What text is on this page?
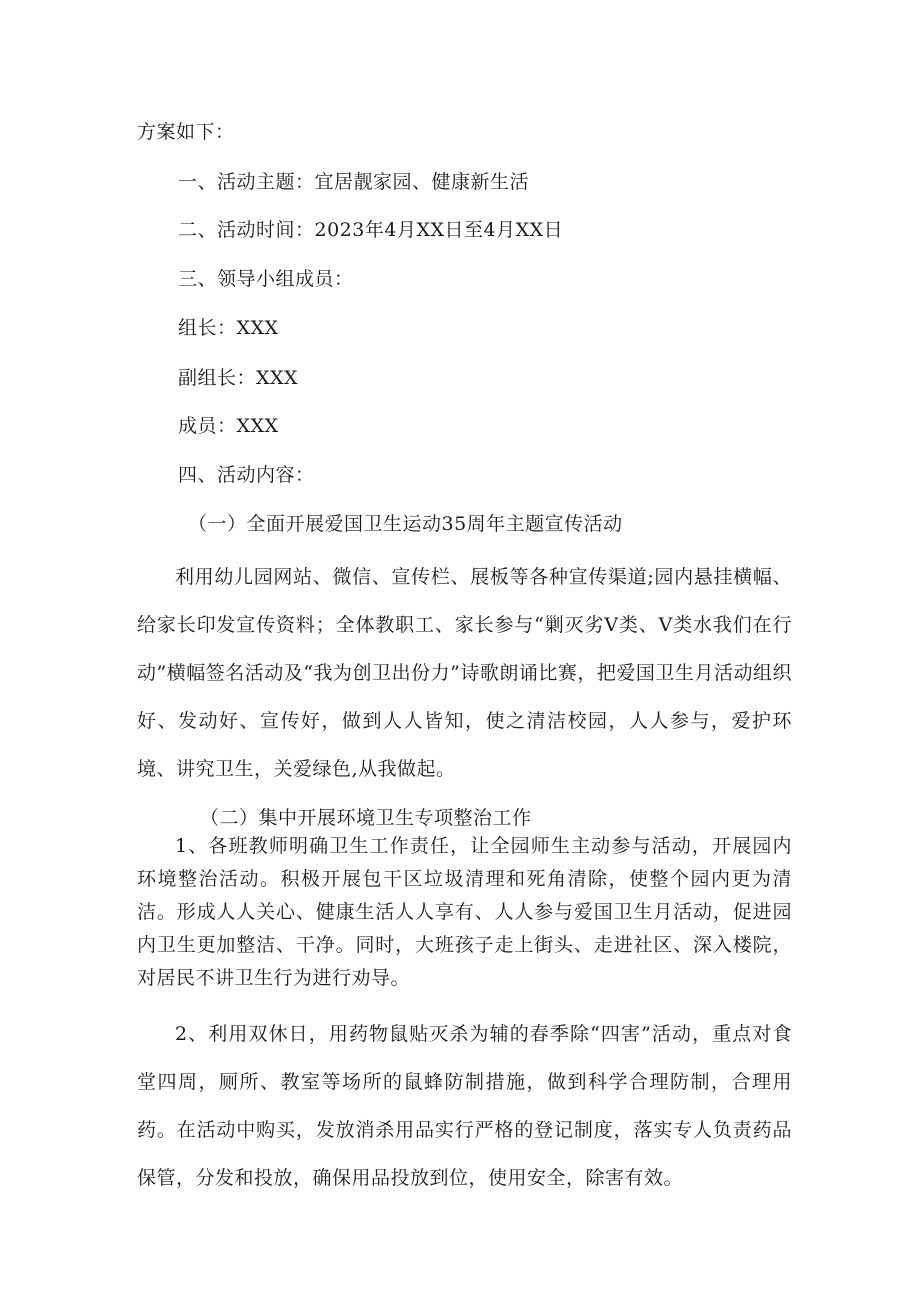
方案如下：
一、活动主题：宜居靓家园、健康新生活
二、活动时间：2023年4月XX日至4月XX日
三、领导小组成员：
组长：XXX
副组长：XXX
成员：XXX
四、活动内容：
（一）全面开展爱国卫生运动35周年主题宣传活动

利用幼儿园网站、微信、宣传栏、展板等各种宣传渠道;园内悬挂横幅、给家长印发宣传资料；全体教职工、家长参与“剿灭劣V类、V类水我们在行动”横幅签名活动及“我为创卫出份力”诗歌朗诵比赛，把爱国卫生月活动组织好、发动好、宣传好，做到人人皆知，使之清洁校园，人人参与，爱护环境、讲究卫生，关爱绿色,从我做起。

（二）集中开展环境卫生专项整治工作

1、各班教师明确卫生工作责任，让全园师生主动参与活动，开展园内环境整治活动。积极开展包干区垃圾清理和死角清除，使整个园内更为清洁。形成人人关心、健康生活人人享有、人人参与爱国卫生月活动，促进园内卫生更加整洁、干净。同时，大班孩子走上街头、走进社区、深入楼院，对居民不讲卫生行为进行劝导。

2、利用双休日，用药物鼠贴灭杀为辅的春季除“四害”活动，重点对食堂四周，厕所、教室等场所的鼠蜂防制措施，做到科学合理防制，合理用药。在活动中购买，发放消杀用品实行严格的登记制度，落实专人负责药品保管，分发和投放，确保用品投放到位，使用安全，除害有效。
